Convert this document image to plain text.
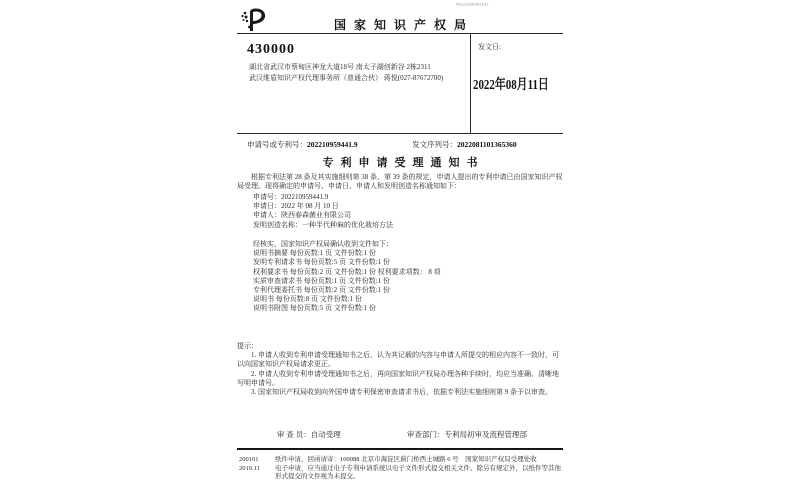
国家知识产权局
W22209080101
430000
湖北省武汉市蔡甸区神龙大道18号 南太子湖创新谷 2栋2311
武汉维盾知识产权代理事务所（普通合伙） 蒋悦(027-87672700)
发文日:
2022年08月11日
申请号或专利号：202210959441.9	发文序列号：2022081101365360
专利申请受理通知书
根据专利法第 28 条及其实施细则第 38 条、第 39 条的规定，申请人提出的专利申请已由国家知识产权局受理。现将确定的申请号、申请日、申请人和发明创造名称通知如下：
申请号：202210959441.9
申请日：2022 年 08 月 10 日
申请人：陕西春森菌业有限公司
发明创造名称：一种半代种麻的优化栽培方法
经核实，国家知识产权局确认收到文件如下：
说明书摘要 每份页数:1 页 文件份数:1 份
发明专利请求书 每份页数:5 页 文件份数:1 份
权利要求书 每份页数:2 页 文件份数:1 份 权利要求项数： 8 项
实质审查请求书 每份页数:1 页 文件份数:1 份
专利代理委托书 每份页数:2 页 文件份数:1 份
说明书 每份页数:8 页 文件份数:1 份
说明书附图 每份页数:5 页 文件份数:1 份
提示：
1. 申请人收到专利申请受理通知书之后，认为其记载的内容与申请人所提交的相应内容不一致时，可以向国家知识产权局请求更正。
2. 申请人收到专利申请受理通知书之后，再向国家知识产权局办理各种手续时，均应当准确、清晰地写明申请号。
3. 国家知识产权局收到向外国申请专利保密审查请求书后，依据专利法实施细则第 9 条予以审查。
审 查 员：自动受理	审查部门：专利局初审及流程管理部
200101	纸件申请，回函请寄：100088 北京市海淀区蓟门桥西土城路 6 号　国家知识产权局受理处收
2019.11	电子申请，应当通过电子专利申请系统以电子文件形式提交相关文件。除另有规定外，以纸件等其他形式提交的文件视为未提交。
